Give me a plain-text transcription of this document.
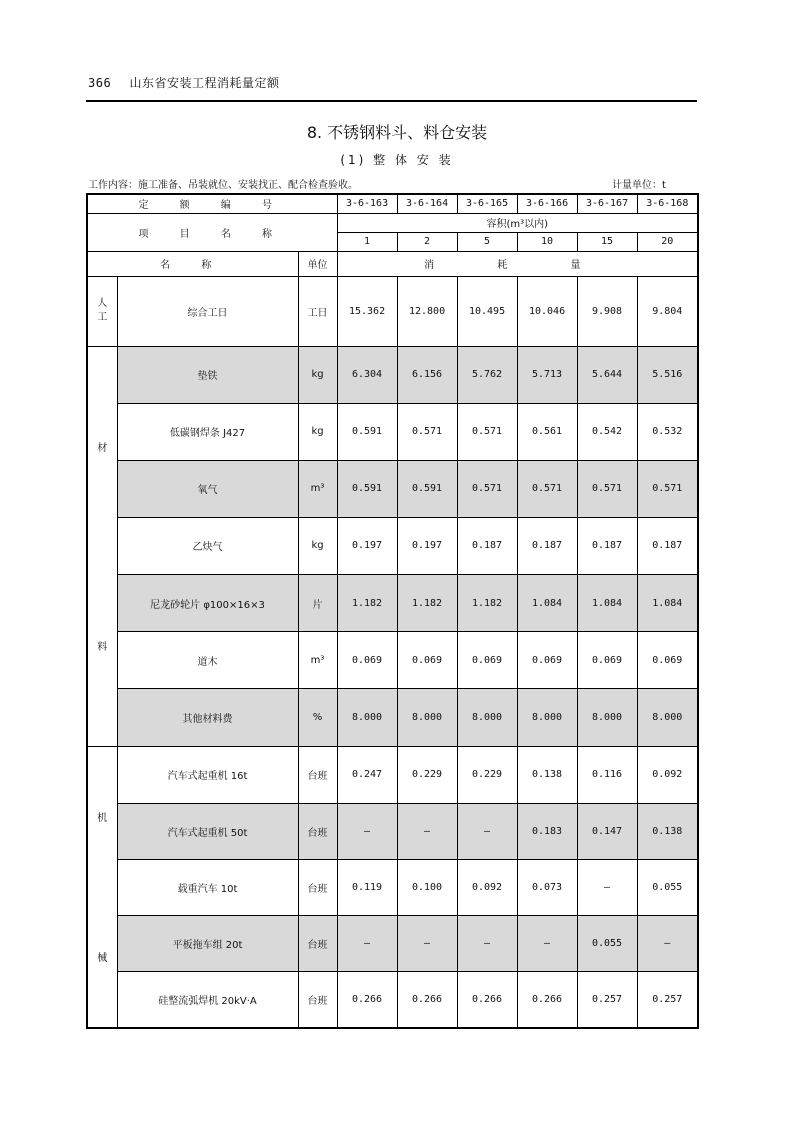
366 山东省安装工程消耗量定额
8. 不锈钢料斗、料仓安装
(1) 整 体 安 装
工作内容：施工准备、吊装就位、安装找正、配合检查验收。	计量单位：t
定 额 编 号			3-6-163	3-6-164	3-6-165	3-6-166	3-6-167	3-6-168
项 目 名 称			容积(m³以内)					
			1	2	5	10	15	20
名 称		单位	消 耗 量					

人
工	综合工日	工日	15.362	12.800	10.495	10.046	9.908	9.804

材
料	垫铁	kg	6.304	6.156	5.762	5.713	5.644	5.516
	低碳钢焊条 J427	kg	0.591	0.571	0.571	0.561	0.542	0.532
	氧气	m³	0.591	0.591	0.571	0.571	0.571	0.571
	乙炔气	kg	0.197	0.197	0.187	0.187	0.187	0.187
	尼龙砂轮片 φ100×16×3	片	1.182	1.182	1.182	1.084	1.084	1.084
	道木	m³	0.069	0.069	0.069	0.069	0.069	0.069
	其他材料费	%	8.000	8.000	8.000	8.000	8.000	8.000

机
械	汽车式起重机 16t	台班	0.247	0.229	0.229	0.138	0.116	0.092
	汽车式起重机 50t	台班	—	—	—	0.183	0.147	0.138
	载重汽车 10t	台班	0.119	0.100	0.092	0.073	—	0.055
	平板拖车组 20t	台班	—	—	—	—	0.055	—
	硅整流弧焊机 20kV·A	台班	0.266	0.266	0.266	0.266	0.257	0.257
